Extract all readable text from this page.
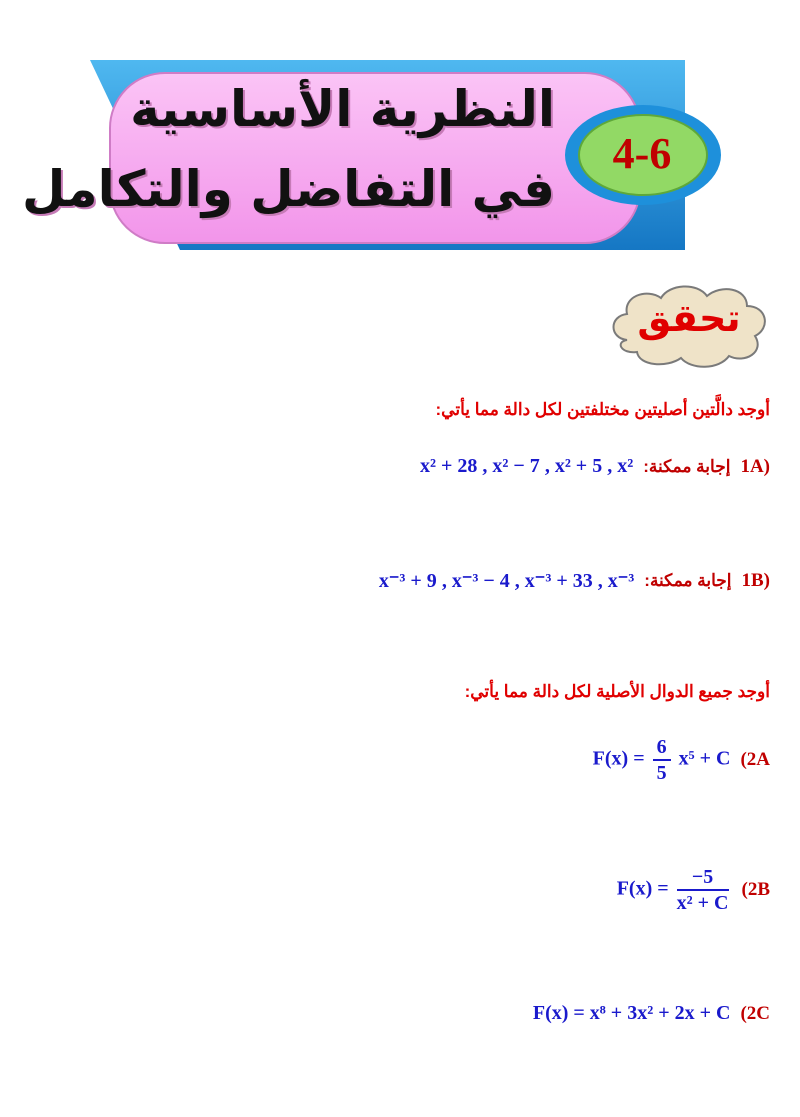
النظرية الأساسية
في التفاضل والتكامل
4-6
تحقق
أوجد دالَّتين أصليتين مختلفتين لكل دالة مما يأتي:
1A)
إجابة ممكنة:
x² + 28 , x² − 7 , x² + 5 , x²
1B)
إجابة ممكنة:
x⁻³ + 9 , x⁻³ − 4 , x⁻³ + 33 , x⁻³
أوجد جميع الدوال الأصلية لكل دالة مما يأتي:
(2A
$F(x) = \frac{6}{5} x^5 + C$
(2B
$F(x) = \frac{-5}{\text{x² + C}}$
(2C
F(x) = x⁸ + 3x² + 2x + C
